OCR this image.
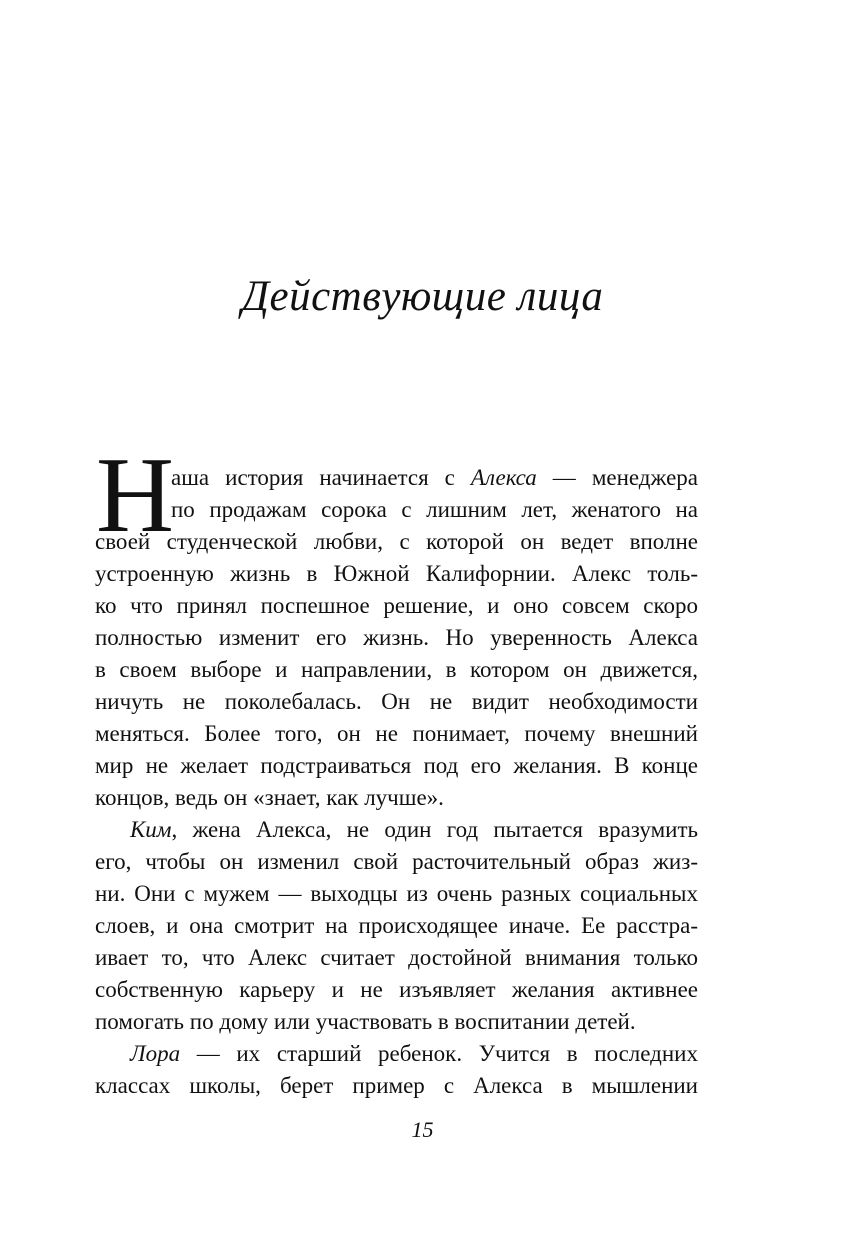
Действующие лица
Н
аша история начинается с Алекса — менеджера
по продажам сорока с лишним лет, женатого на
своей студенческой любви, с которой он ведет вполне
устроенную жизнь в Южной Калифорнии. Алекс толь-
ко что принял поспешное решение, и оно совсем скоро
полностью изменит его жизнь. Но уверенность Алекса
в своем выборе и направлении, в котором он движется,
ничуть не поколебалась. Он не видит необходимости
меняться. Более того, он не понимает, почему внешний
мир не желает подстраиваться под его желания. В конце
концов, ведь он «знает, как лучше».
Ким, жена Алекса, не один год пытается вразумить
его, чтобы он изменил свой расточительный образ жиз-
ни. Они с мужем — выходцы из очень разных социальных
слоев, и она смотрит на происходящее иначе. Ее расстра-
ивает то, что Алекс считает достойной внимания только
собственную карьеру и не изъявляет желания активнее
помогать по дому или участвовать в воспитании детей.
Лора — их старший ребенок. Учится в последних
классах школы, берет пример с Алекса в мышлении
15
